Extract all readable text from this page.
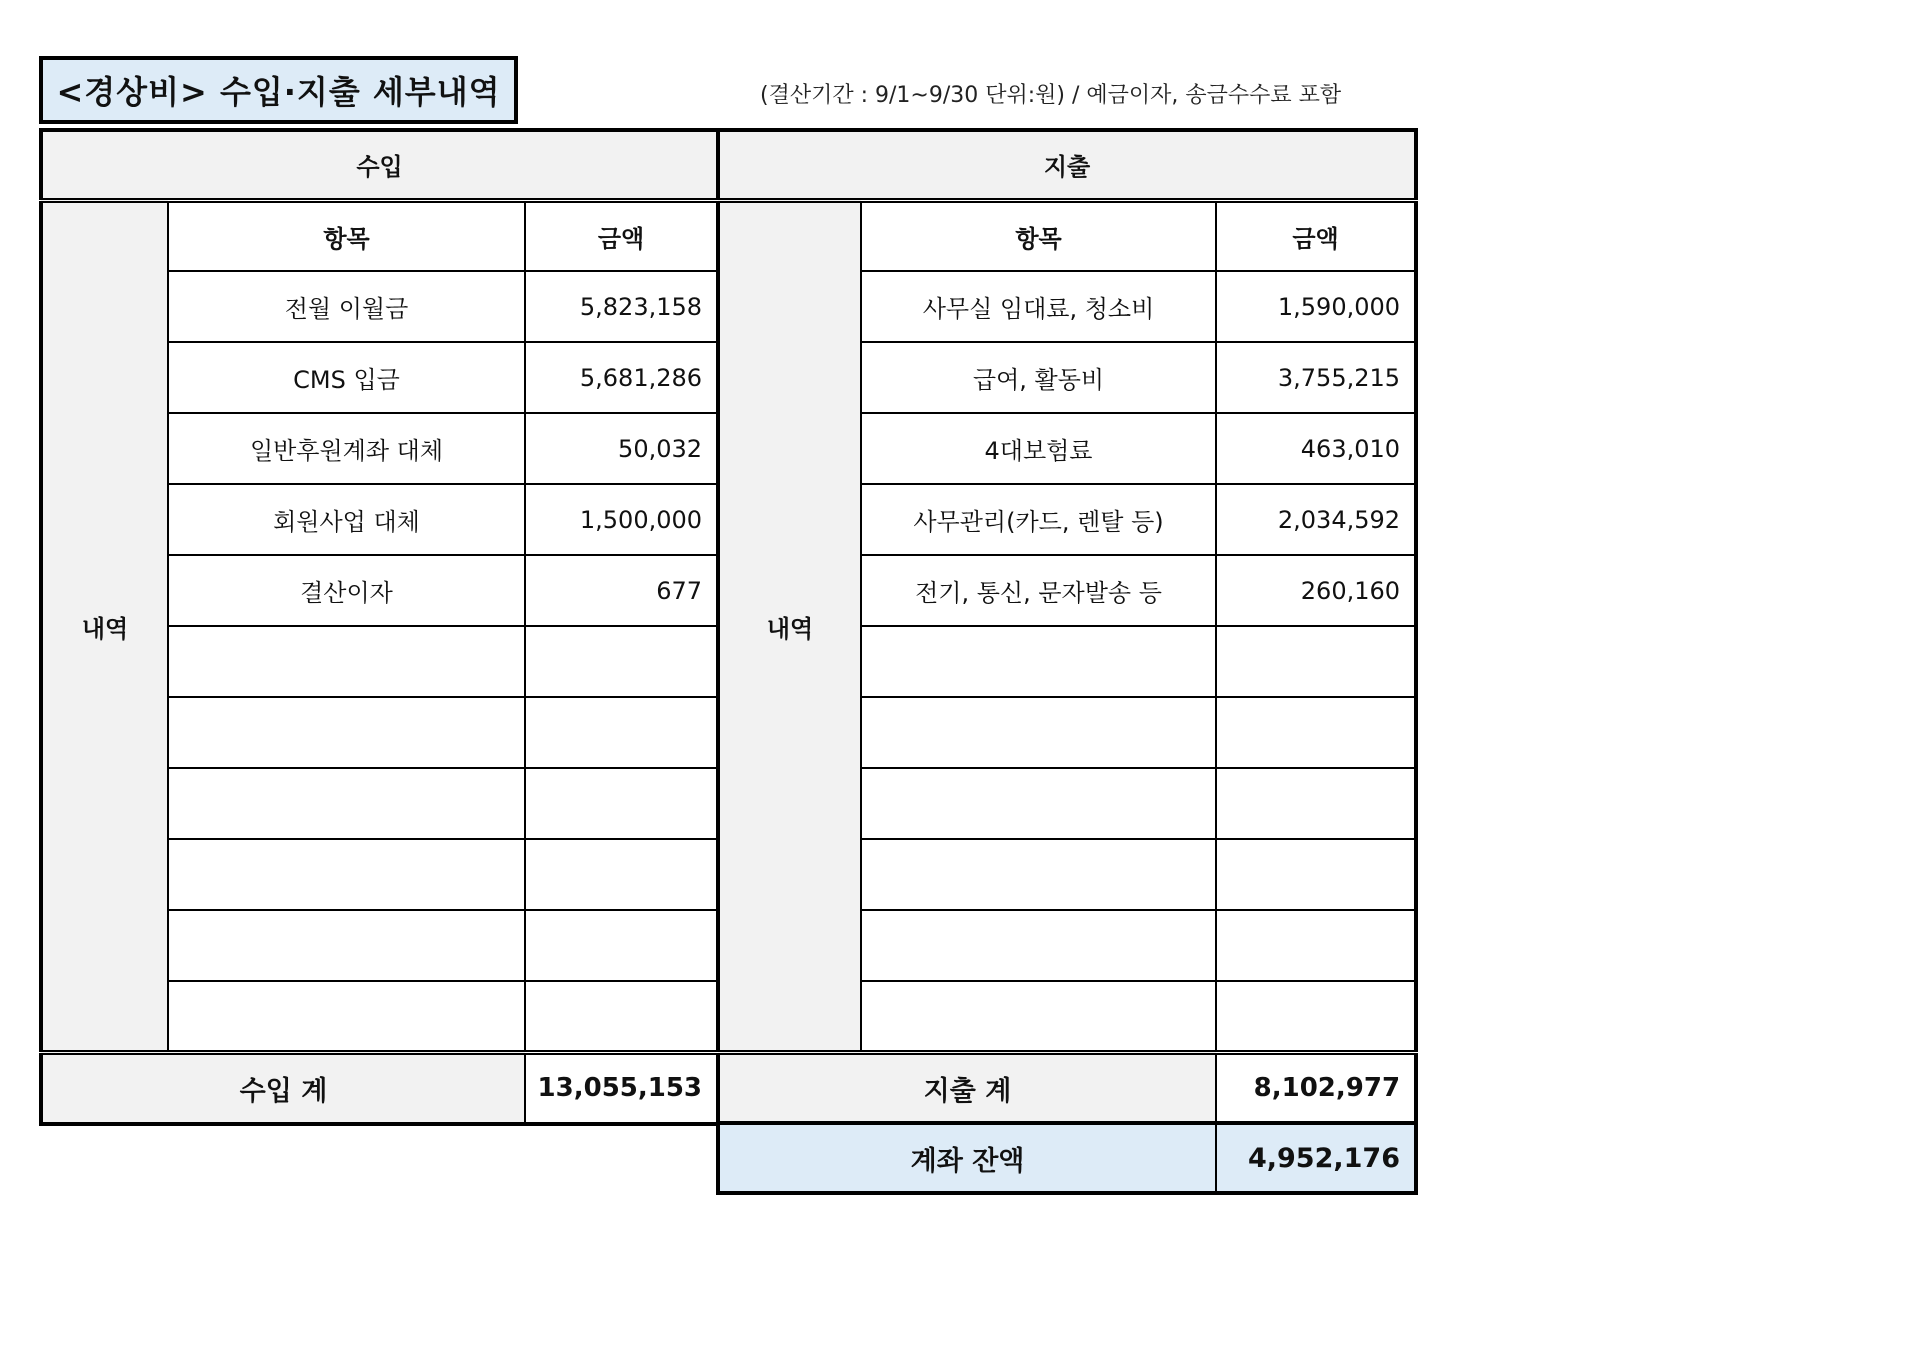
<경상비> 수입·지출 세부내역	(결산기간 : 9/1~9/30 단위:원) / 예금이자, 송금수수료 포함
수입		
내역	항목	금액
	전월 이월금	5,823,158
	CMS 입금	5,681,286
	일반후원계좌 대체	50,032
	회원사업 대체	1,500,000
	결산이자	677

수입 계		13,055,153
지출		
내역	항목	금액
	사무실 임대료, 청소비	1,590,000
	급여, 활동비	3,755,215
	4대보험료	463,010
	사무관리(카드, 렌탈 등)	2,034,592
	전기, 통신, 문자발송 등	260,160

지출 계		8,102,977
계좌 잔액	4,952,176
